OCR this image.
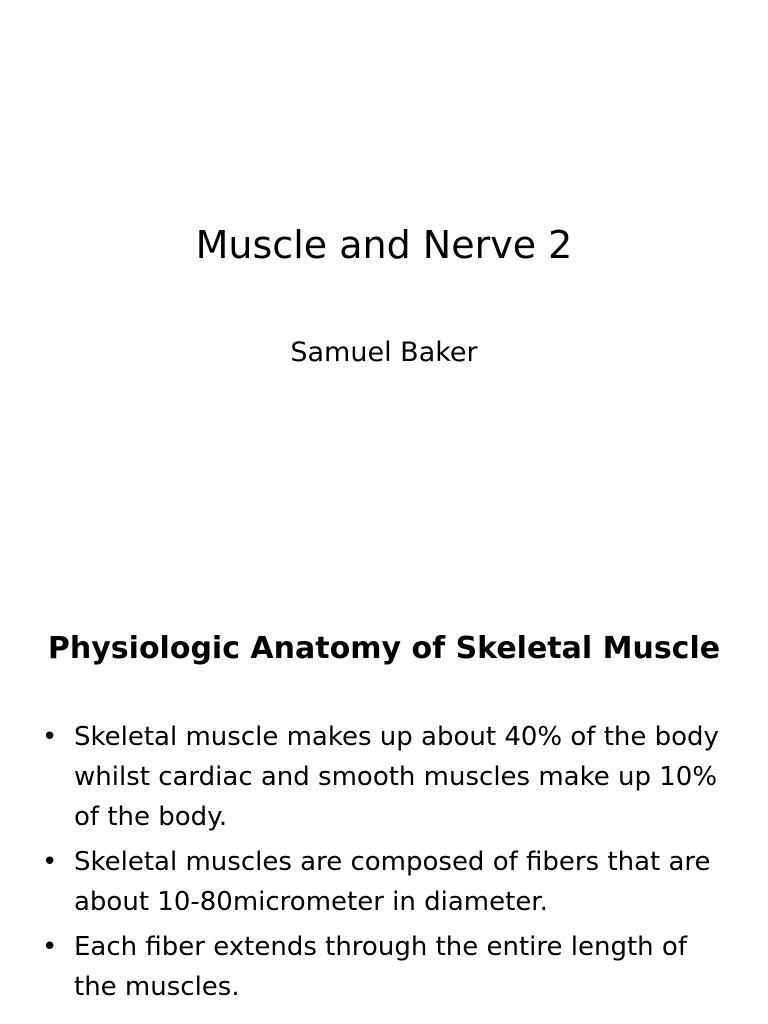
Muscle and Nerve 2
Samuel Baker
Physiologic Anatomy of Skeletal Muscle
• Skeletal muscle makes up about 40% of the body whilst cardiac and smooth muscles make up 10% of the body.
• Skeletal muscles are composed of fibers that are about 10-80micrometer in diameter.
• Each fiber extends through the entire length of the muscles.
